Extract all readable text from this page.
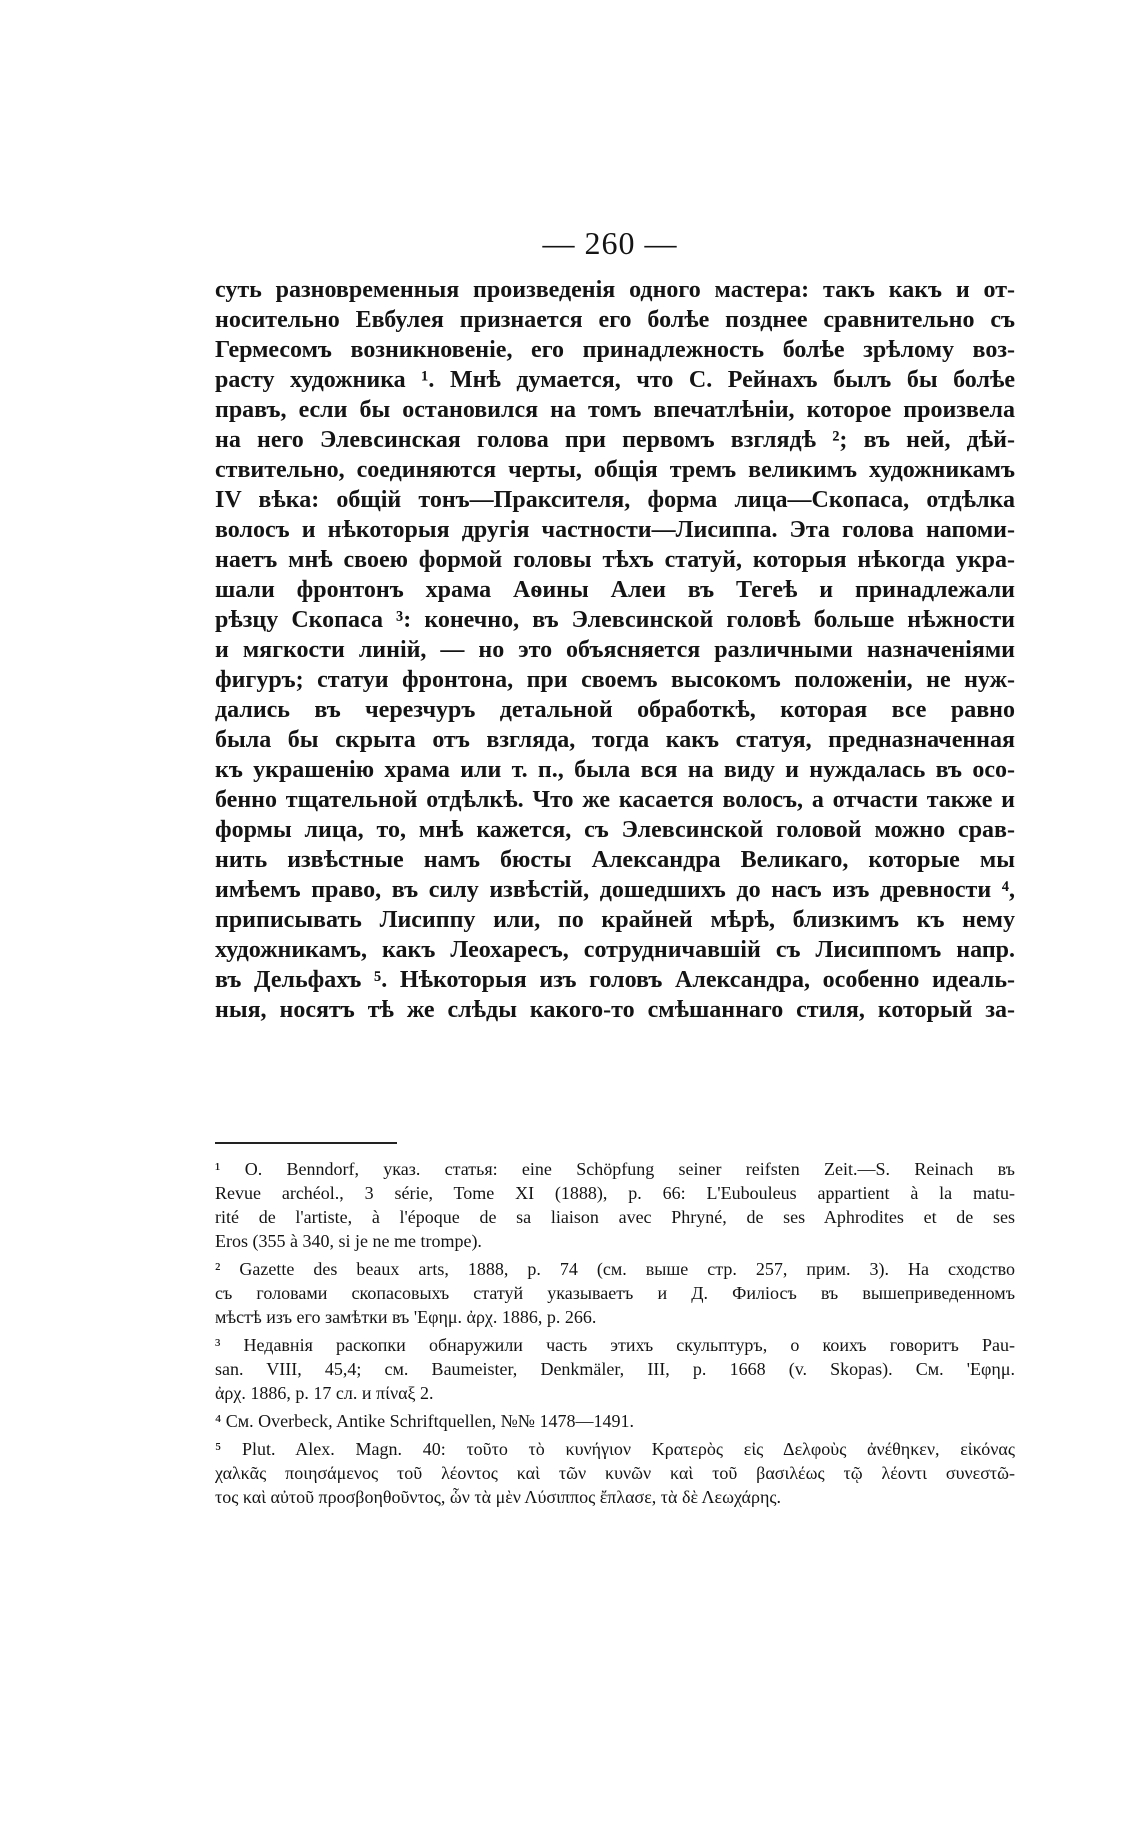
— 260 —
суть разновременныя произведенія одного мастера: такъ какъ и от-
носительно Евбулея признается его болѣе позднее сравнительно съ
Гермесомъ возникновеніе, его принадлежность болѣе зрѣлому воз-
расту художника ¹. Мнѣ думается, что С. Рейнахъ былъ бы болѣе
правъ, если бы остановился на томъ впечатлѣніи, которое произвела
на него Элевсинская голова при первомъ взглядѣ ²; въ ней, дѣй-
ствительно, соединяются черты, общія тремъ великимъ художникамъ
IV вѣка: общій тонъ—Праксителя, форма лица—Скопаса, отдѣлка
волосъ и нѣкоторыя другія частности—Лисиппа. Эта голова напоми-
наетъ мнѣ своею формой головы тѣхъ статуй, которыя нѣкогда укра-
шали фронтонъ храма Аѳины Алеи въ Тегеѣ и принадлежали
рѣзцу Скопаса ³: конечно, въ Элевсинской головѣ больше нѣжности
и мягкости линій, — но это объясняется различными назначеніями
фигуръ; статуи фронтона, при своемъ высокомъ положеніи, не нуж-
дались въ черезчуръ детальной обработкѣ, которая все равно
была бы скрыта отъ взгляда, тогда какъ статуя, предназначенная
къ украшенію храма или т. п., была вся на виду и нуждалась въ осо-
бенно тщательной отдѣлкѣ. Что же касается волосъ, а отчасти также и
формы лица, то, мнѣ кажется, съ Элевсинской головой можно срав-
нить извѣстные намъ бюсты Александра Великаго, которые мы
имѣемъ право, въ силу извѣстій, дошедшихъ до насъ изъ древности ⁴,
приписывать Лисиппу или, по крайней мѣрѣ, близкимъ къ нему
художникамъ, какъ Леохаресъ, сотрудничавшій съ Лисиппомъ напр.
въ Дельфахъ ⁵. Нѣкоторыя изъ головъ Александра, особенно идеаль-
ныя, носятъ тѣ же слѣды какого-то смѣшаннаго стиля, который за-
¹ O. Benndorf, указ. статья: eine Schöpfung seiner reifsten Zeit.—S. Reinach въ
Revue archéol., 3 série, Tome XI (1888), p. 66: L'Euboulеus appartient à la matu-
rité de l'artiste, à l'époque de sa liaison avec Phryné, de ses Aphrodites et de ses
Eros (355 à 340, si je ne me trompe).
² Gazette des beaux arts, 1888, p. 74 (см. выше стр. 257, прим. 3). На сходство
съ головами скопасовыхъ статуй указываетъ и Д. Филіосъ въ вышеприведенномъ
мѣстѣ изъ его замѣтки въ 'Εφημ. ἀρχ. 1886, p. 266.
³ Недавнія раскопки обнаружили часть этихъ скульптуръ, о коихъ говоритъ Pau-
san. VIII, 45,4; см. Baumeister, Denkmäler, III, p. 1668 (v. Skopas). См. 'Εφημ.
ἀρχ. 1886, p. 17 сл. и πίναξ 2.
⁴ См. Overbeck, Antike Schriftquellen, №№ 1478—1491.
⁵ Plut. Alex. Magn. 40: τοῦτο τὸ κυνήγιον Κρατερὸς εἰς Δελφοὺς ἀνέθηκεν, εἰκόνας
χαλκᾶς ποιησάμενος τοῦ λέοντος καὶ τῶν κυνῶν καὶ τοῦ βασιλέως τῷ λέοντι συνεστῶ-
τος καὶ αὐτοῦ προσβοηθοῦντος, ὧν τὰ μὲν Λύσιππος ἔπλασε, τὰ δὲ Λεωχάρης.
